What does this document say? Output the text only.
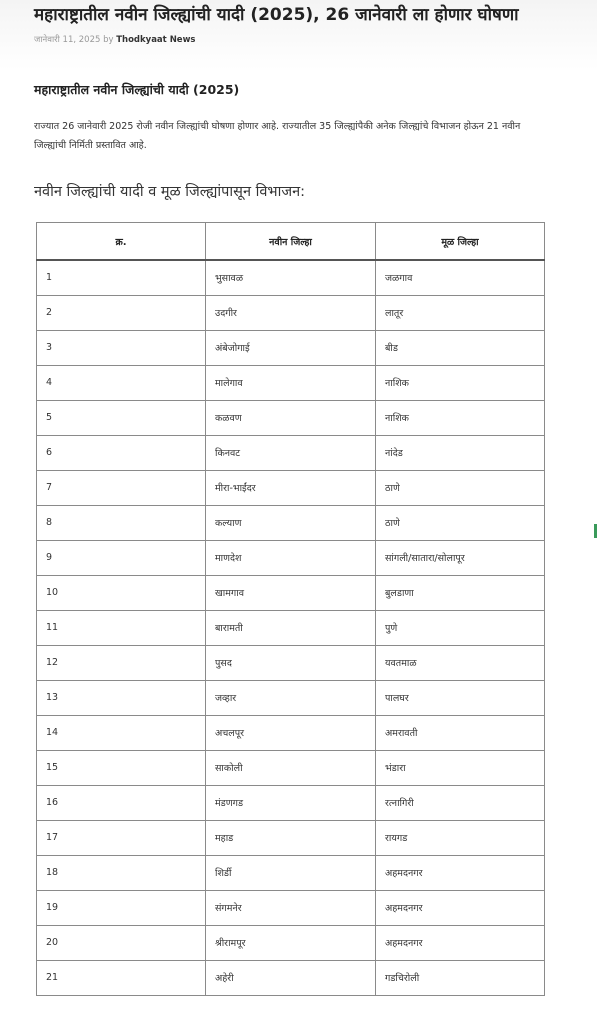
महाराष्ट्रातील नवीन जिल्ह्यांची यादी (2025), 26 जानेवारी ला होणार घोषणा
जानेवारी 11, 2025 by Thodkyaat News
महाराष्ट्रातील नवीन जिल्ह्यांची यादी (2025)
राज्यात 26 जानेवारी 2025 रोजी नवीन जिल्ह्यांची घोषणा होणार आहे. राज्यातील 35 जिल्ह्यांपैकी अनेक जिल्ह्यांचे विभाजन होऊन 21 नवीन जिल्ह्यांची निर्मिती प्रस्तावित आहे.
नवीन जिल्ह्यांची यादी व मूळ जिल्ह्यांपासून विभाजन:
क्र.	नवीन जिल्हा	मूळ जिल्हा
1	भुसावळ	जळगाव
2	उदगीर	लातूर
3	अंबेजोगाई	बीड
4	मालेगाव	नाशिक
5	कळवण	नाशिक
6	किनवट	नांदेड
7	मीरा-भाईंदर	ठाणे
8	कल्याण	ठाणे
9	माणदेश	सांगली/सातारा/सोलापूर
10	खामगाव	बुलडाणा
11	बारामती	पुणे
12	पुसद	यवतमाळ
13	जव्हार	पालघर
14	अचलपूर	अमरावती
15	साकोली	भंडारा
16	मंडणगड	रत्नागिरी
17	महाड	रायगड
18	शिर्डी	अहमदनगर
19	संगमनेर	अहमदनगर
20	श्रीरामपूर	अहमदनगर
21	अहेरी	गडचिरोली
